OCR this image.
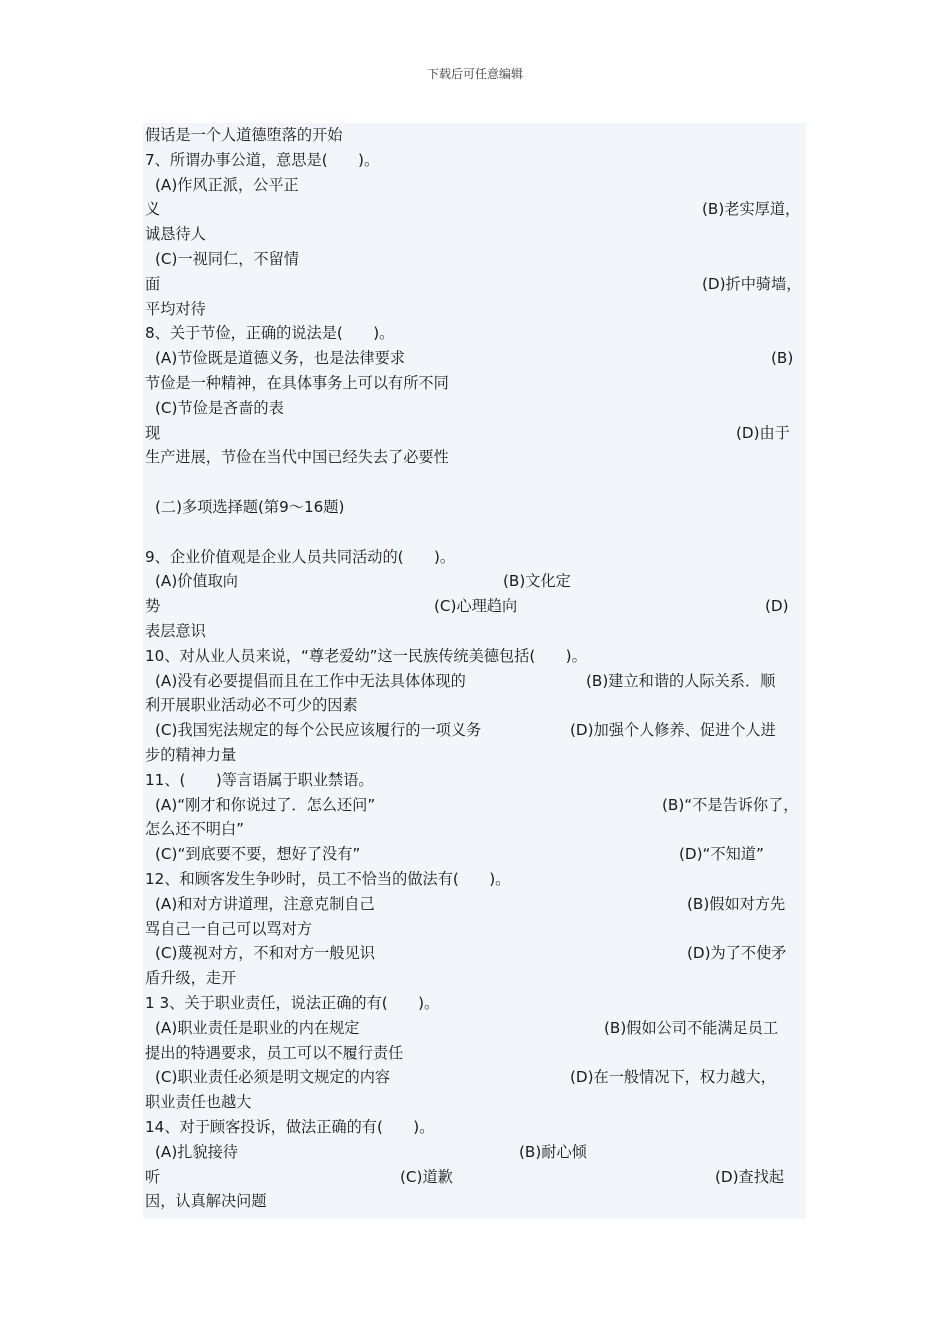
下载后可任意编辑
假话是一个人道德堕落的开始
7、所谓办事公道，意思是(　　)。
(A)作风正派，公平正
义	(B)老实厚道，
诚恳待人
(C)一视同仁，不留情
面	(D)折中骑墙，
平均对待
8、关于节俭，正确的说法是(　　)。
(A)节俭既是道德义务，也是法律要求	(B)
节俭是一种精神，在具体事务上可以有所不同
(C)节俭是吝啬的表
现	(D)由于
生产进展，节俭在当代中国已经失去了必要性
(二)多项选择题(第9～16题)
9、企业价值观是企业人员共同活动的(　　)。
(A)价值取向	(B)文化定
势	(C)心理趋向	(D)
表层意识
10、对从业人员来说，“尊老爱幼”这一民族传统美德包括(　　)。
(A)没有必要提倡而且在工作中无法具体体现的	(B)建立和谐的人际关系．顺
利开展职业活动必不可少的因素
(C)我国宪法规定的每个公民应该履行的一项义务	(D)加强个人修养、促进个人进
步的精神力量
11、(　　)等言语属于职业禁语。
(A)“刚才和你说过了．怎么还问”	(B)“不是告诉你了，
怎么还不明白”
(C)“到底要不要，想好了没有”	(D)“不知道”
12、和顾客发生争吵时，员工不恰当的做法有(　　)。
(A)和对方讲道理，注意克制自己	(B)假如对方先
骂自己一自己可以骂对方
(C)蔑视对方，不和对方一般见识	(D)为了不使矛
盾升级，走开
1 3、关于职业责任，说法正确的有(　　)。
(A)职业责任是职业的内在规定	(B)假如公司不能满足员工
提出的特遇要求，员工可以不履行责任
(C)职业责任必须是明文规定的内容	(D)在一般情况下，权力越大，
职业责任也越大
14、对于顾客投诉，做法正确的有(　　)。
(A)扎貌接待	(B)耐心倾
听	(C)道歉	(D)查找起
因，认真解决问题
